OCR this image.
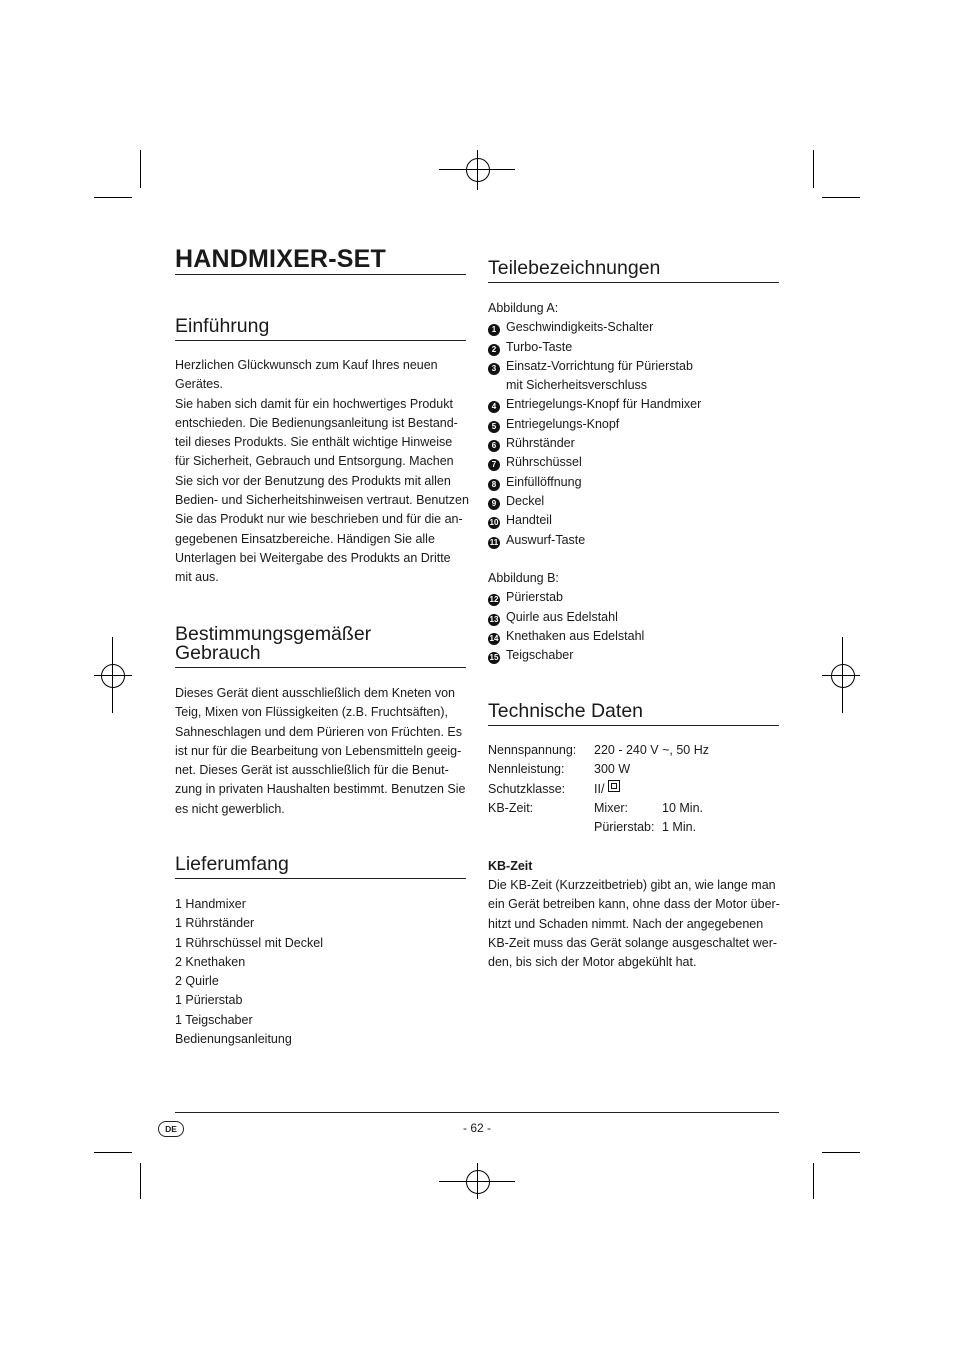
HANDMIXER-SET
Einführung
Herzlichen Glückwunsch zum Kauf Ihres neuen
Gerätes.
Sie haben sich damit für ein hochwertiges Produkt
entschieden. Die Bedienungsanleitung ist Bestand-
teil dieses Produkts. Sie enthält wichtige Hinweise
für Sicherheit, Gebrauch und Entsorgung. Machen
Sie sich vor der Benutzung des Produkts mit allen
Bedien- und Sicherheitshinweisen vertraut. Benutzen
Sie das Produkt nur wie beschrieben und für die an-
gegebenen Einsatzbereiche. Händigen Sie alle
Unterlagen bei Weitergabe des Produkts an Dritte
mit aus.
Bestimmungsgemäßer
Gebrauch
Dieses Gerät dient ausschließlich dem Kneten von
Teig, Mixen von Flüssigkeiten (z.B. Fruchtsäften),
Sahneschlagen und dem Pürieren von Früchten. Es
ist nur für die Bearbeitung von Lebensmitteln geeig-
net. Dieses Gerät ist ausschließlich für die Benut-
zung in privaten Haushalten bestimmt. Benutzen Sie
es nicht gewerblich.
Lieferumfang
1 Handmixer
1 Rührständer
1 Rührschüssel mit Deckel
2 Knethaken
2 Quirle
1 Pürierstab
1 Teigschaber
Bedienungsanleitung
Teilebezeichnungen
Abbildung A:
1 Geschwindigkeits-Schalter
2 Turbo-Taste
3 Einsatz-Vorrichtung für Pürierstab
mit Sicherheitsverschluss
4 Entriegelungs-Knopf für Handmixer
5 Entriegelungs-Knopf
6 Rührständer
7 Rührschüssel
8 Einfüllöffnung
9 Deckel
10 Handteil
11 Auswurf-Taste
Abbildung B:
12 Pürierstab
13 Quirle aus Edelstahl
14 Knethaken aus Edelstahl
15 Teigschaber
Technische Daten
Nennspannung: 220 - 240 V ~, 50 Hz
Nennleistung: 300 W
Schutzklasse: II/
KB-Zeit:	Mixer:	10 Min.
Pürierstab: 1 Min.
KB-Zeit
Die KB-Zeit (Kurzzeitbetrieb) gibt an, wie lange man
ein Gerät betreiben kann, ohne dass der Motor über-
hitzt und Schaden nimmt. Nach der angegebenen
KB-Zeit muss das Gerät solange ausgeschaltet wer-
den, bis sich der Motor abgekühlt hat.
DE	- 62 -
